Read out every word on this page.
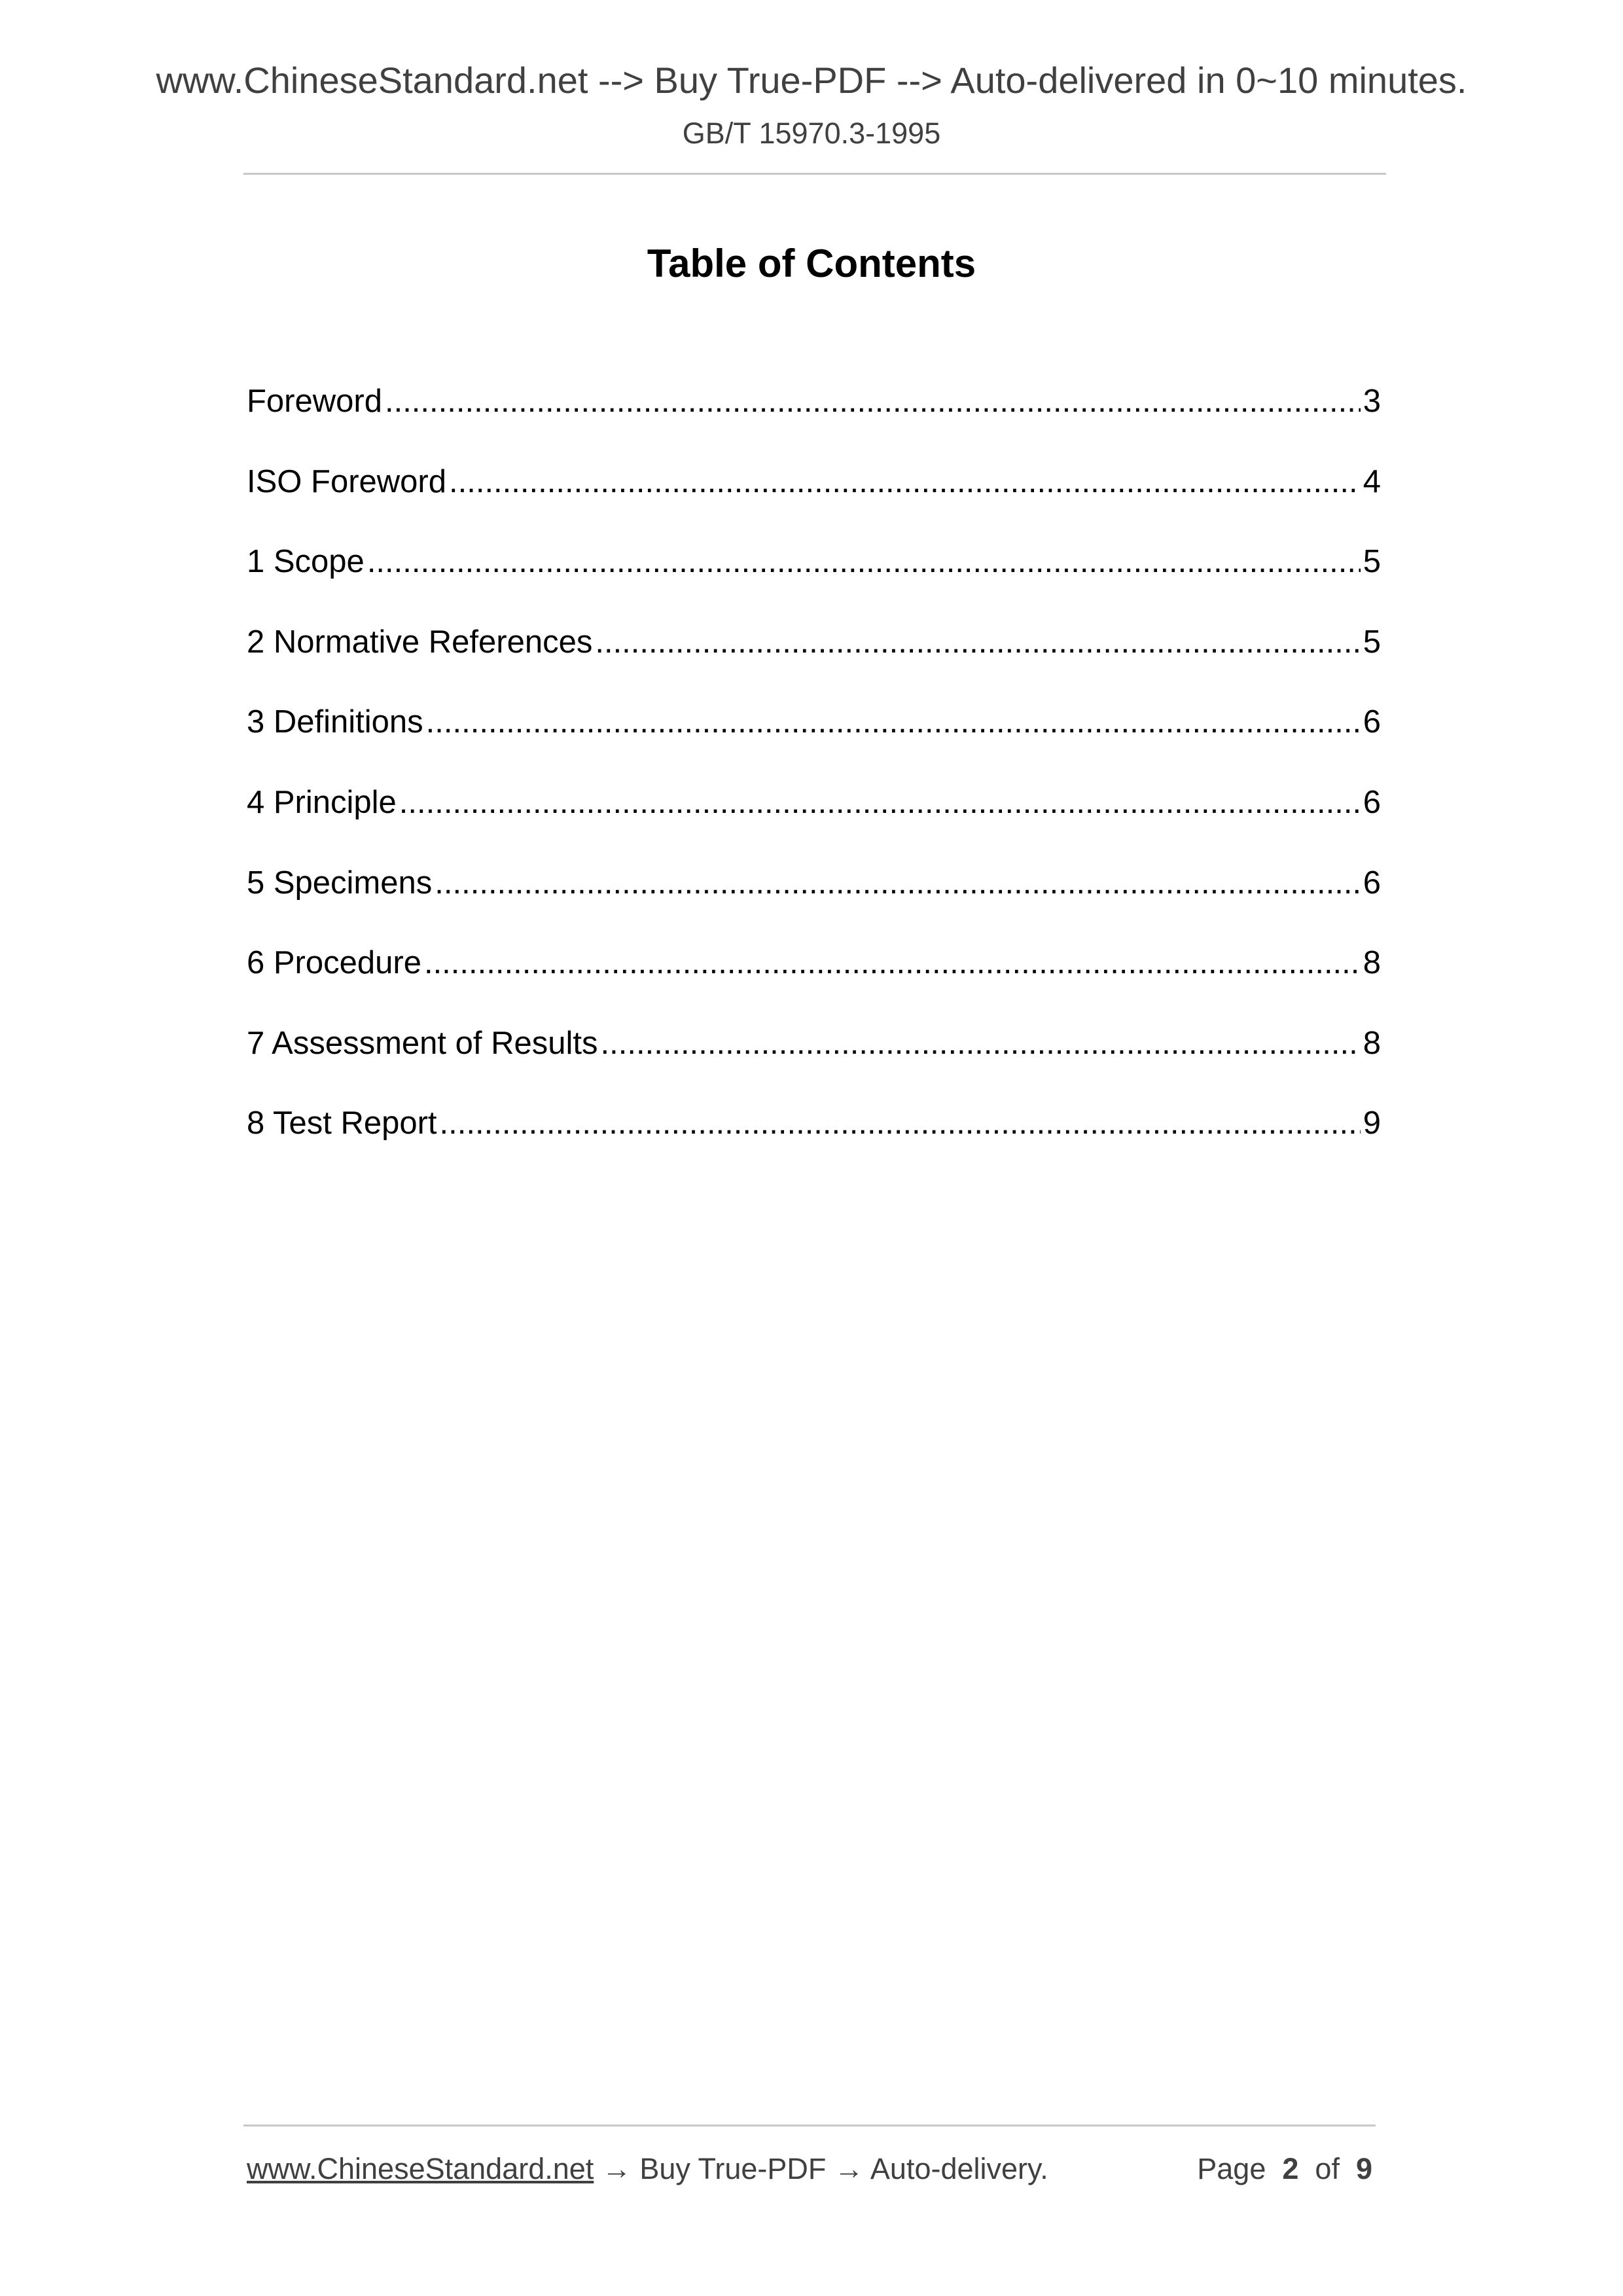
www.ChineseStandard.net --> Buy True-PDF --> Auto-delivered in 0~10 minutes.
GB/T 15970.3-1995
Table of Contents
Foreword .....	3
ISO Foreword .....	4
1 Scope .....	5
2 Normative References .....	5
3 Definitions .....	6
4 Principle .....	6
5 Specimens .....	6
6 Procedure .....	8
7 Assessment of Results .....	8
8 Test Report .....	9
www.ChineseStandard.net → Buy True-PDF → Auto-delivery.	Page 2 of 9
